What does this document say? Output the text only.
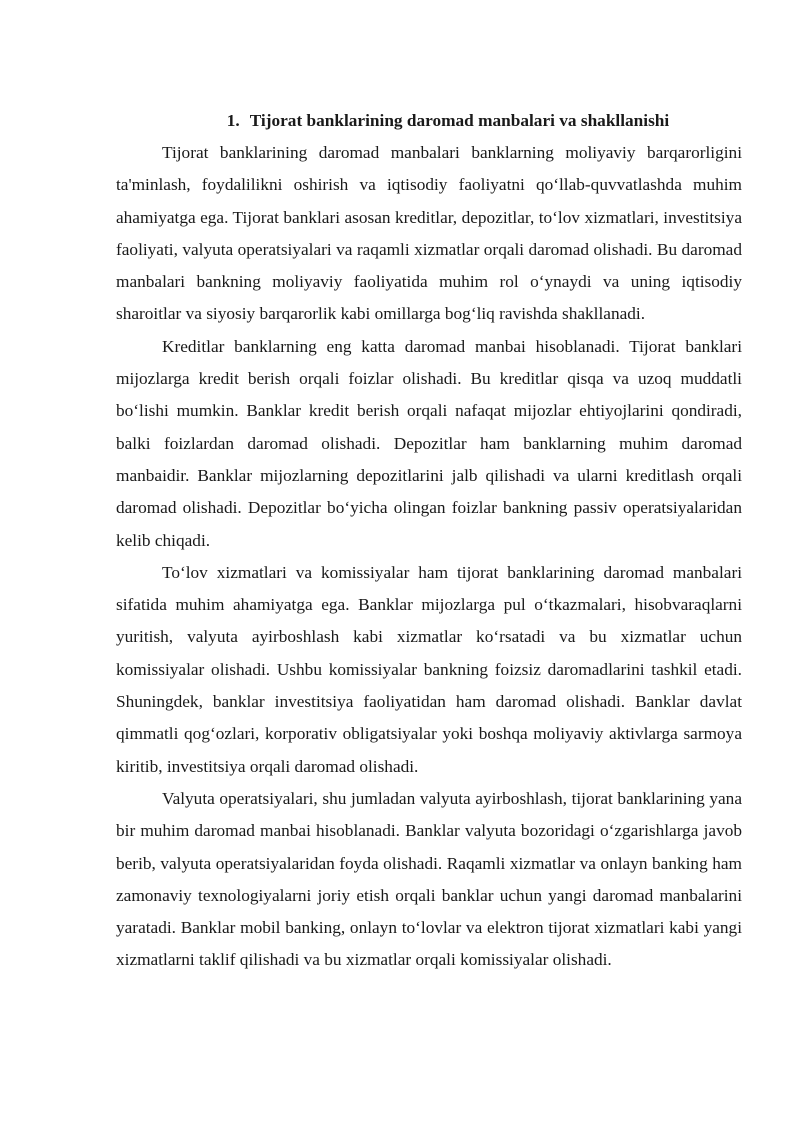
1. Tijorat banklarining daromad manbalari va shakllanishi

Tijorat banklarining daromad manbalari banklarning moliyaviy barqarorligini ta'minlash, foydalilikni oshirish va iqtisodiy faoliyatni qo‘llab-quvvatlashda muhim ahamiyatga ega. Tijorat banklari asosan kreditlar, depozitlar, to‘lov xizmatlari, investitsiya faoliyati, valyuta operatsiyalari va raqamli xizmatlar orqali daromad olishadi. Bu daromad manbalari bankning moliyaviy faoliyatida muhim rol o‘ynaydi va uning iqtisodiy sharoitlar va siyosiy barqarorlik kabi omillarga bog‘liq ravishda shakllanadi.

Kreditlar banklarning eng katta daromad manbai hisoblanadi. Tijorat banklari mijozlarga kredit berish orqali foizlar olishadi. Bu kreditlar qisqa va uzoq muddatli bo‘lishi mumkin. Banklar kredit berish orqali nafaqat mijozlar ehtiyojlarini qondiradi, balki foizlardan daromad olishadi. Depozitlar ham banklarning muhim daromad manbaidir. Banklar mijozlarning depozitlarini jalb qilishadi va ularni kreditlash orqali daromad olishadi. Depozitlar bo‘yicha olingan foizlar bankning passiv operatsiyalaridan kelib chiqadi.

To‘lov xizmatlari va komissiyalar ham tijorat banklarining daromad manbalari sifatida muhim ahamiyatga ega. Banklar mijozlarga pul o‘tkazmalari, hisobvaraqlarni yuritish, valyuta ayirboshlash kabi xizmatlar ko‘rsatadi va bu xizmatlar uchun komissiyalar olishadi. Ushbu komissiyalar bankning foizsiz daromadlarini tashkil etadi. Shuningdek, banklar investitsiya faoliyatidan ham daromad olishadi. Banklar davlat qimmatli qog‘ozlari, korporativ obligatsiyalar yoki boshqa moliyaviy aktivlarga sarmoya kiritib, investitsiya orqali daromad olishadi.

Valyuta operatsiyalari, shu jumladan valyuta ayirboshlash, tijorat banklarining yana bir muhim daromad manbai hisoblanadi. Banklar valyuta bozoridagi o‘zgarishlarga javob berib, valyuta operatsiyalaridan foyda olishadi. Raqamli xizmatlar va onlayn banking ham zamonaviy texnologiyalarni joriy etish orqali banklar uchun yangi daromad manbalarini yaratadi. Banklar mobil banking, onlayn to‘lovlar va elektron tijorat xizmatlari kabi yangi xizmatlarni taklif qilishadi va bu xizmatlar orqali komissiyalar olishadi.
